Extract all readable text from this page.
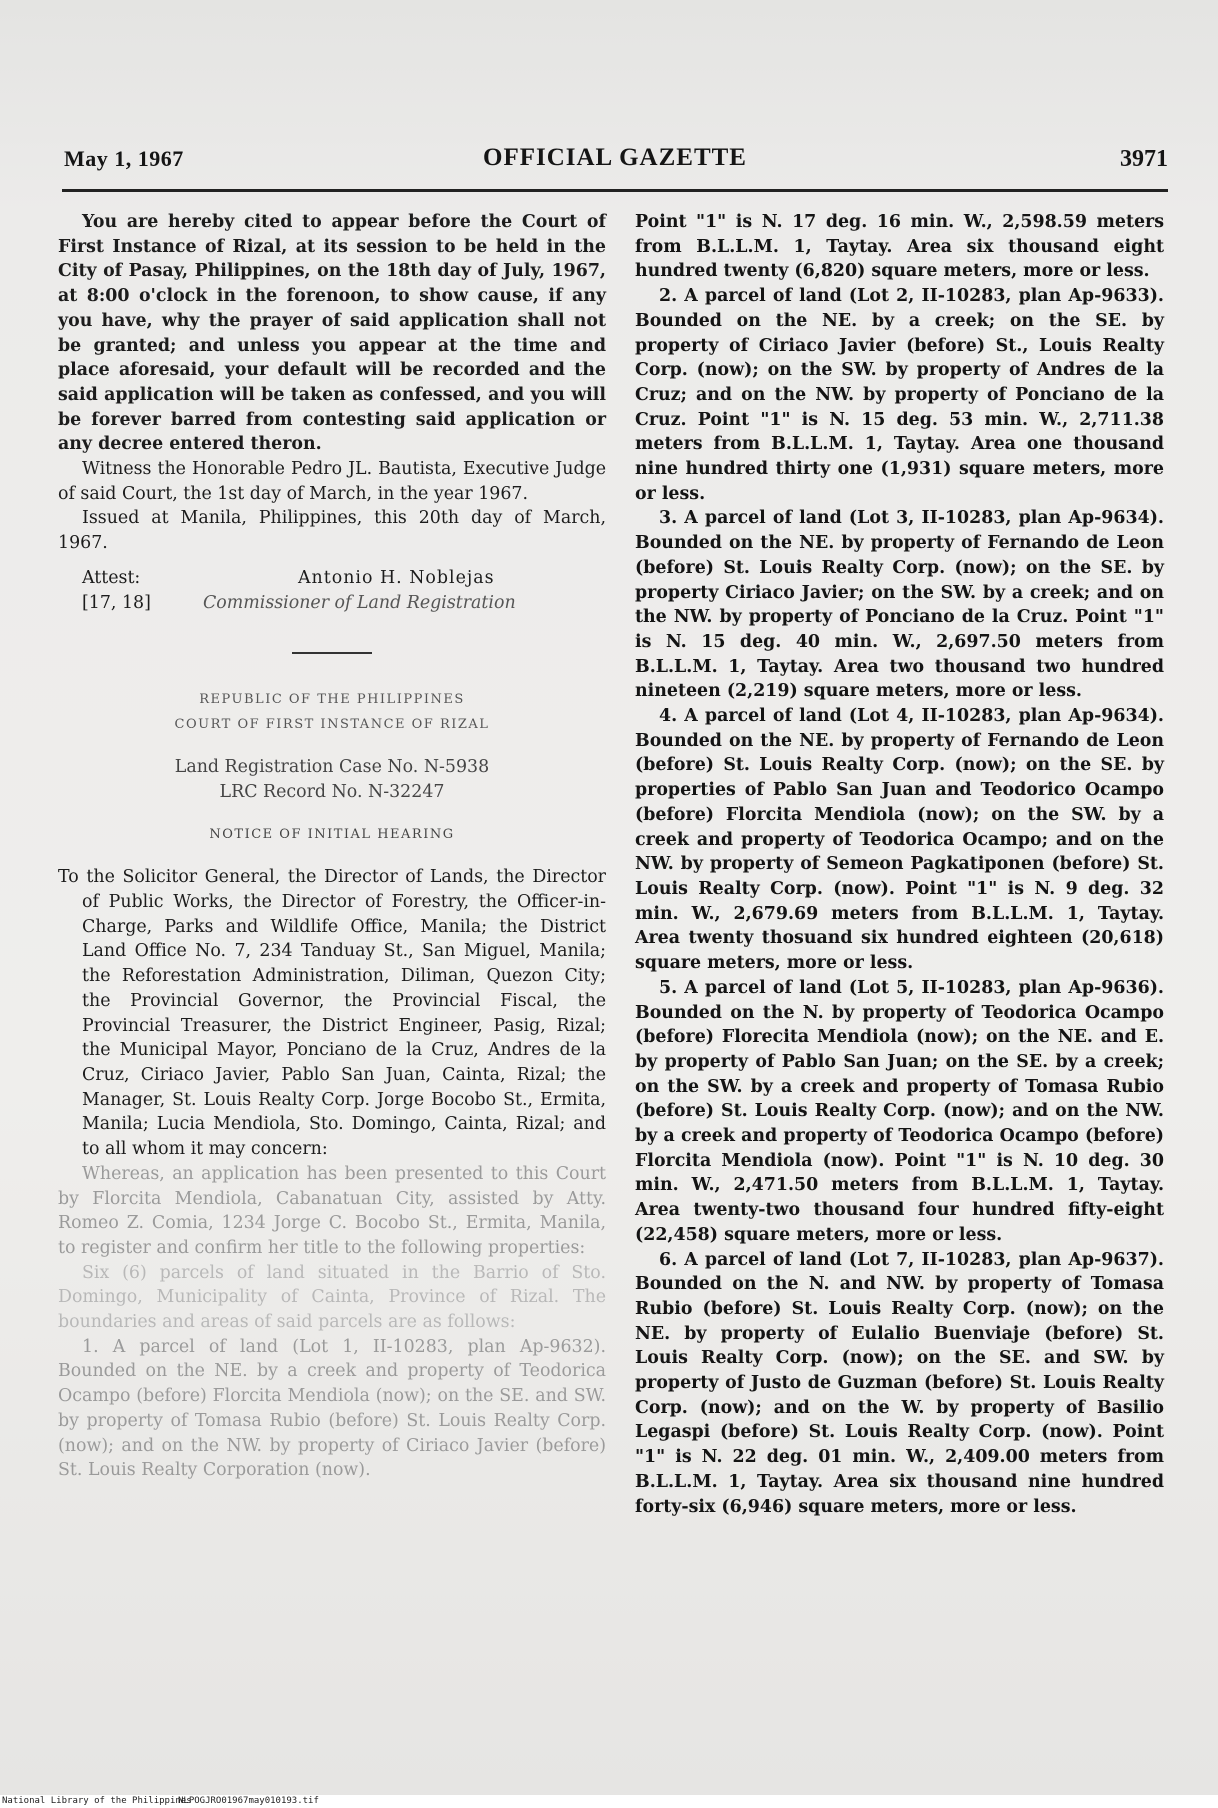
May 1, 1967	OFFICIAL GAZETTE	3971

You are hereby cited to appear before the Court of First Instance of Rizal, at its session to be held in the City of Pasay, Philippines, on the 18th day of July, 1967, at 8:00 o'clock in the forenoon, to show cause, if any you have, why the prayer of said application shall not be granted; and unless you appear at the time and place aforesaid, your default will be recorded and the said application will be taken as confessed, and you will be forever barred from contesting said application or any decree entered theron.

Witness the Honorable Pedro JL. Bautista, Executive Judge of said Court, the 1st day of March, in the year 1967.

Issued at Manila, Philippines, this 20th day of March, 1967.

Attest:	Antonio H. Noblejas
[17, 18]	Commissioner of Land Registration
REPUBLIC OF THE PHILIPPINES
COURT OF FIRST INSTANCE OF RIZAL
Land Registration Case No. N-5938
LRC Record No. N-32247
NOTICE OF INITIAL HEARING

To the Solicitor General, the Director of Lands, the Director of Public Works, the Director of Forestry, the Officer-in-Charge, Parks and Wildlife Office, Manila; the District Land Office No. 7, 234 Tanduay St., San Miguel, Manila; the Reforestation Administration, Diliman, Quezon City; the Provincial Governor, the Provincial Fiscal, the Provincial Treasurer, the District Engineer, Pasig, Rizal; the Municipal Mayor, Ponciano de la Cruz, Andres de la Cruz, Ciriaco Javier, Pablo San Juan, Cainta, Rizal; the Manager, St. Louis Realty Corp. Jorge Bocobo St., Ermita, Manila; Lucia Mendiola, Sto. Domingo, Cainta, Rizal; and to all whom it may concern:

Whereas, an application has been presented to this Court by Florcita Mendiola, Cabanatuan City, assisted by Atty. Romeo Z. Comia, 1234 Jorge C. Bocobo St., Ermita, Manila, to register and confirm her title to the following properties:

Six (6) parcels of land situated in the Barrio of Sto. Domingo, Municipality of Cainta, Province of Rizal. The boundaries and areas of said parcels are as follows:

1. A parcel of land (Lot 1, II-10283, plan Ap-9632). Bounded on the NE. by a creek and property of Teodorica Ocampo (before) Florcita Mendiola (now); on the SE. and SW. by property of Tomasa Rubio (before) St. Louis Realty Corp. (now); and on the NW. by property of Ciriaco Javier (before) St. Louis Realty Corporation (now).

Point "1" is N. 17 deg. 16 min. W., 2,598.59 meters from B.L.L.M. 1, Taytay. Area six thousand eight hundred twenty (6,820) square meters, more or less.

2. A parcel of land (Lot 2, II-10283, plan Ap-9633). Bounded on the NE. by a creek; on the SE. by property of Ciriaco Javier (before) St., Louis Realty Corp. (now); on the SW. by property of Andres de la Cruz; and on the NW. by property of Ponciano de la Cruz. Point "1" is N. 15 deg. 53 min. W., 2,711.38 meters from B.L.L.M. 1, Taytay. Area one thousand nine hundred thirty one (1,931) square meters, more or less.

3. A parcel of land (Lot 3, II-10283, plan Ap-9634). Bounded on the NE. by property of Fernando de Leon (before) St. Louis Realty Corp. (now); on the SE. by property Ciriaco Javier; on the SW. by a creek; and on the NW. by property of Ponciano de la Cruz. Point "1" is N. 15 deg. 40 min. W., 2,697.50 meters from B.L.L.M. 1, Taytay. Area two thousand two hundred nineteen (2,219) square meters, more or less.

4. A parcel of land (Lot 4, II-10283, plan Ap-9634). Bounded on the NE. by property of Fernando de Leon (before) St. Louis Realty Corp. (now); on the SE. by properties of Pablo San Juan and Teodorico Ocampo (before) Florcita Mendiola (now); on the SW. by a creek and property of Teodorica Ocampo; and on the NW. by property of Semeon Pagkatiponen (before) St. Louis Realty Corp. (now). Point "1" is N. 9 deg. 32 min. W., 2,679.69 meters from B.L.L.M. 1, Taytay. Area twenty thosuand six hundred eighteen (20,618) square meters, more or less.

5. A parcel of land (Lot 5, II-10283, plan Ap-9636). Bounded on the N. by property of Teodorica Ocampo (before) Florecita Mendiola (now); on the NE. and E. by property of Pablo San Juan; on the SE. by a creek; on the SW. by a creek and property of Tomasa Rubio (before) St. Louis Realty Corp. (now); and on the NW. by a creek and property of Teodorica Ocampo (before) Florcita Mendiola (now). Point "1" is N. 10 deg. 30 min. W., 2,471.50 meters from B.L.L.M. 1, Taytay. Area twenty-two thousand four hundred fifty-eight (22,458) square meters, more or less.

6. A parcel of land (Lot 7, II-10283, plan Ap-9637). Bounded on the N. and NW. by property of Tomasa Rubio (before) St. Louis Realty Corp. (now); on the NE. by property of Eulalio Buenviaje (before) St. Louis Realty Corp. (now); on the SE. and SW. by property of Justo de Guzman (before) St. Louis Realty Corp. (now); and on the W. by property of Basilio Legaspi (before) St. Louis Realty Corp. (now). Point "1" is N. 22 deg. 01 min. W., 2,409.00 meters from B.L.L.M. 1, Taytay. Area six thousand nine hundred forty-six (6,946) square meters, more or less.

National Library of the Philippines
NLPOGJRO01967may010193.tif
